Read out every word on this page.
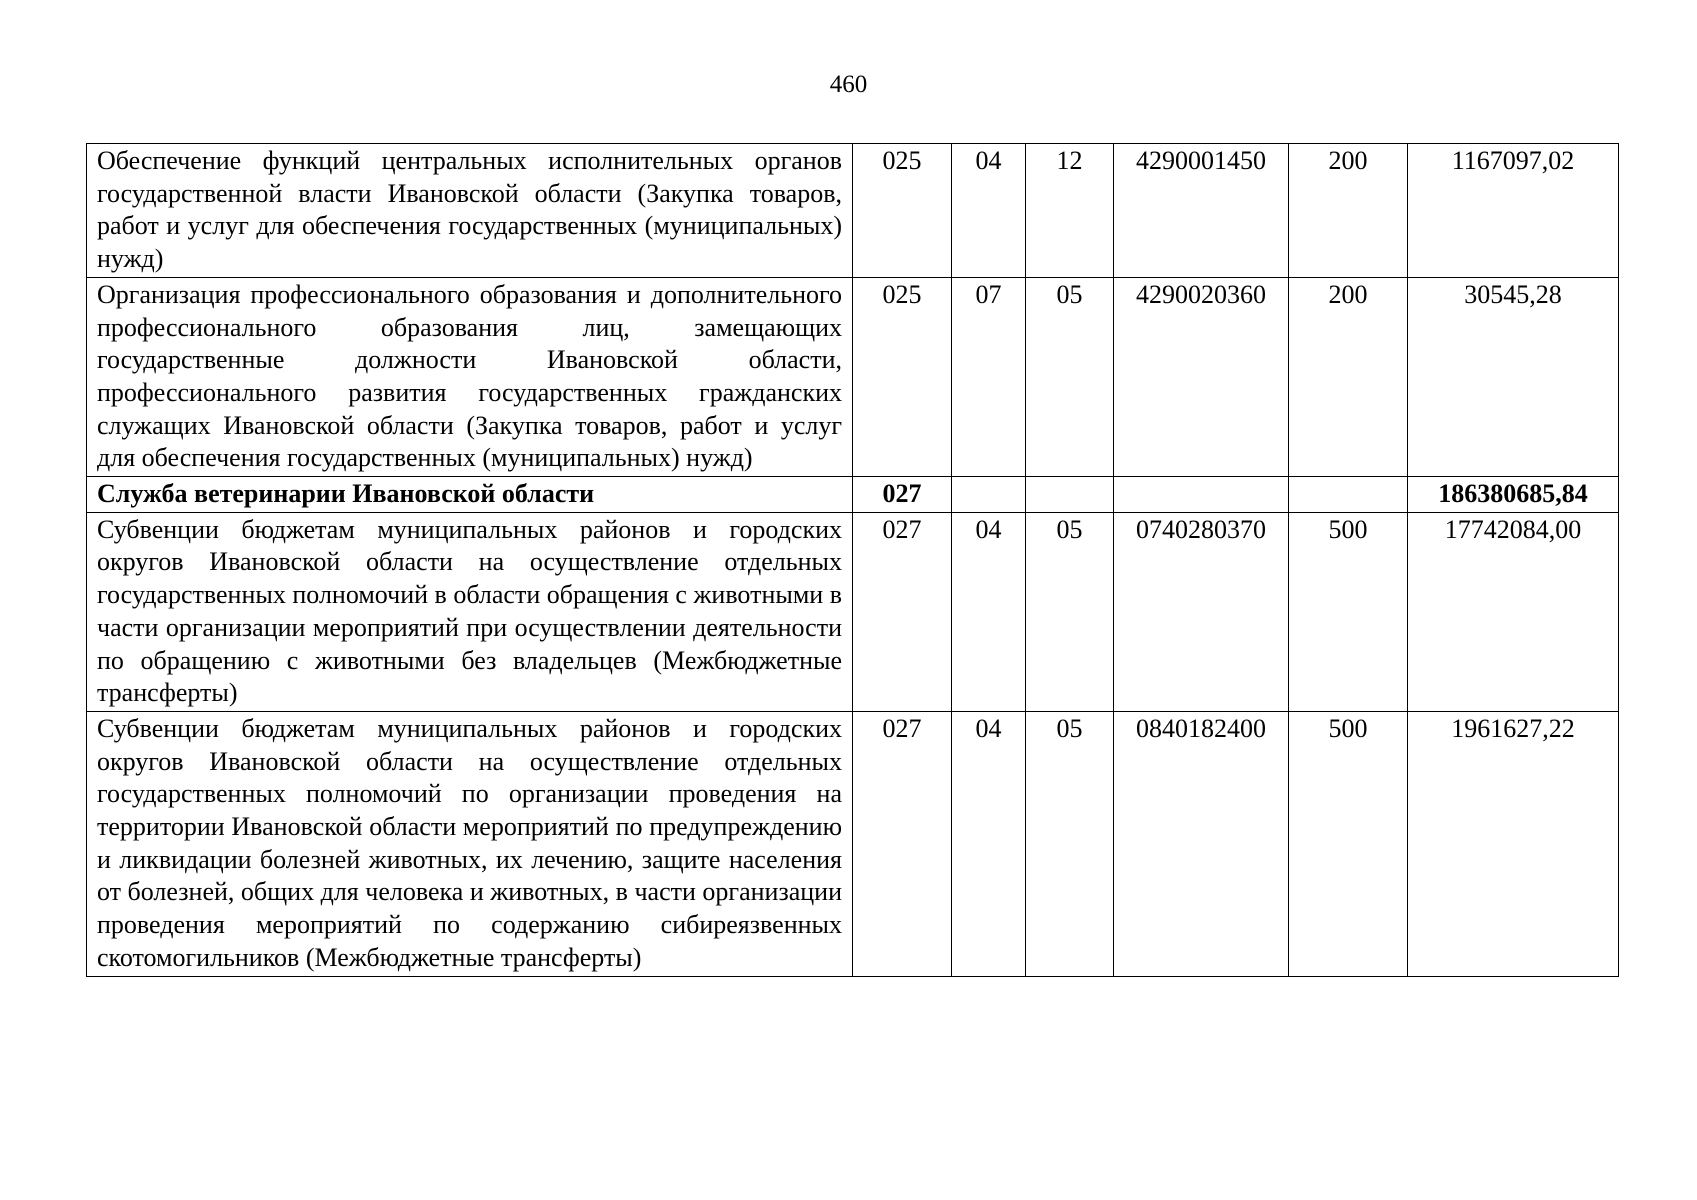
460
Обеспечение функций центральных исполнительных органов государственной власти Ивановской области (Закупка товаров, работ и услуг для обеспечения государственных (муниципальных) нужд)	025	04	12	4290001450	200	1167097,02
Организация профессионального образования и дополнительного профессионального образования лиц, замещающих государственные должности Ивановской области, профессионального развития государственных гражданских служащих Ивановской области (Закупка товаров, работ и услуг для обеспечения государственных (муниципальных) нужд)	025	07	05	4290020360	200	30545,28
Служба ветеринарии Ивановской области	027					186380685,84
Субвенции бюджетам муниципальных районов и городских округов Ивановской области на осуществление отдельных государственных полномочий в области обращения с животными в части организации мероприятий при осуществлении деятельности по обращению с животными без владельцев (Межбюджетные трансферты)	027	04	05	0740280370	500	17742084,00
Субвенции бюджетам муниципальных районов и городских округов Ивановской области на осуществление отдельных государственных полномочий по организации проведения на территории Ивановской области мероприятий по предупреждению и ликвидации болезней животных, их лечению, защите населения от болезней, общих для человека и животных, в части организации проведения мероприятий по содержанию сибиреязвенных скотомогильников (Межбюджетные трансферты)	027	04	05	0840182400	500	1961627,22
